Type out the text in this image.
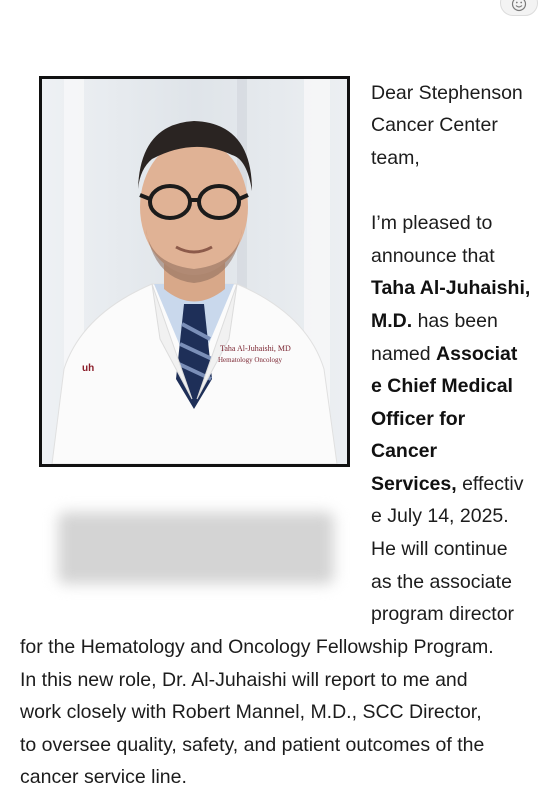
Taha Al-Juhaishi, MD
Hematology Oncology
uh
Dear Stephenson
Cancer Center
team,
I’m pleased to
announce that
Taha Al-Juhaishi,
M.D. has been
named Associat
e Chief Medical
Officer for
Cancer
Services, effectiv
e July 14, 2025.
He will continue
as the associate
program director
for the Hematology and Oncology Fellowship Program.
In this new role, Dr. Al-Juhaishi will report to me and
work closely with Robert Mannel, M.D., SCC Director,
to oversee quality, safety, and patient outcomes of the
cancer service line.
